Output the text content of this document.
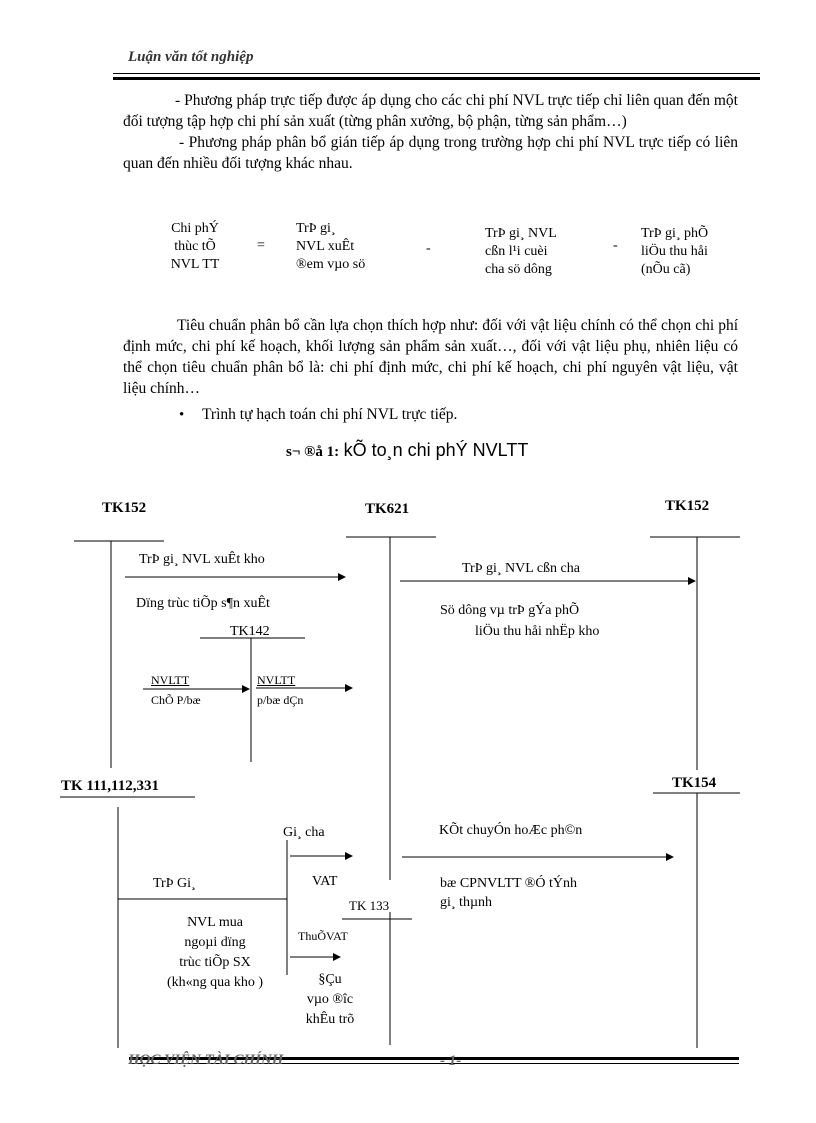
Luận văn tốt nghiệp

- Phương pháp trực tiếp được áp dụng cho các chi phí NVL trực tiếp chỉ liên quan đến một đối tượng tập hợp chi phí sản xuất (từng phân xưởng, bộ phận, từng sản phẩm…)

- Phương pháp phân bổ gián tiếp áp dụng trong trường hợp chi phí NVL trực tiếp có liên quan đến nhiều đối tượng khác nhau.

Chi phÝ
thùc tÕ
NVL TT
=
TrÞ gi¸
NVL xuÊt
®em vµo sö
-
TrÞ gi¸ NVL
cßn l¹i cuèi
cha sö dông
-
TrÞ gi¸ phÕ
liÖu thu håi
(nÕu cã)

Tiêu chuẩn phân bổ cần lựa chọn thích hợp như: đối với vật liệu chính có thể chọn chi phí định mức, chi phí kế hoạch, khối lượng sản phẩm sản xuất…, đối với vật liệu phụ, nhiên liệu có thể chọn tiêu chuẩn phân bổ là: chi phí định mức, chi phí kế hoạch, chi phí nguyên vật liệu, vật liệu chính…

• Trình tự hạch toán chi phí NVL trực tiếp.
s¬ ®å 1: kÕ to¸n chi phÝ NVLTT
TK152	TK621	TK152
TrÞ gi¸ NVL xuÊt kho
Dïng trùc tiÕp s¶n xuÊt
TK142
TrÞ gi¸ NVL cßn cha
Sö dông vµ trÞ gÝa phÕ
liÖu thu håi nhËp kho
NVLTT
ChÕ P/bæ
NVLTT
p/bæ dÇn
TK 111,112,331	TK154
Gi¸ cha
VAT
TrÞ Gi¸
NVL mua
ngoµi dïng
trùc tiÕp SX
(kh«ng qua kho )
TK 133
ThuÕVAT
§Çu
vµo ®îc
khÊu trõ
KÕt chuyÓn hoÆc ph©n
bæ CPNVLTT ®Ó tÝnh
gi¸ thµnh
HỌC VIỆN TÀI CHÍNH	- 1-
